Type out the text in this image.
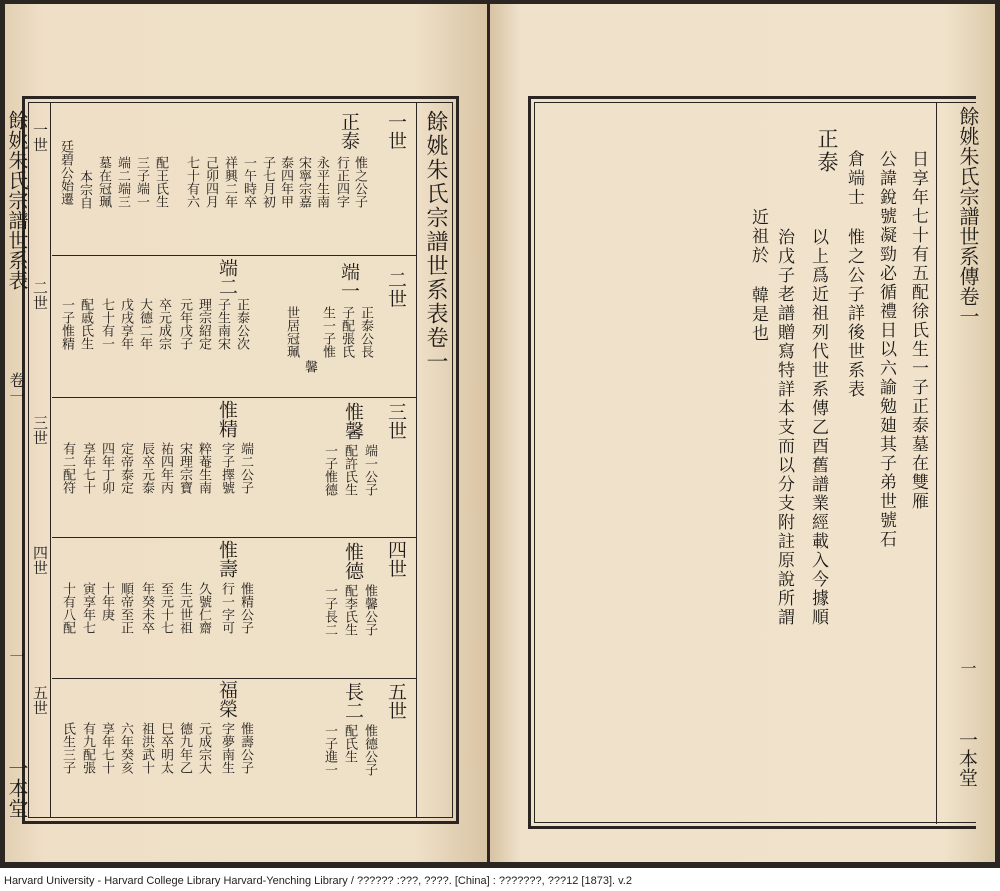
餘姚朱氏宗譜世系表卷一
餘姚朱氏宗譜世系表
卷一
一
一本堂
一世
二世
三世
四世
五世
一世
二世
三世
四世
五世
正泰
惟之公子
行正四字
永平生南
宋寧宗嘉
泰四年甲
子七月初
一午時卒
祥興二年
己卯四月
七十有六
配王氏生
三子端一
端二端三
墓在冠珮
本宗自
廷碧公始遷
端一
端二
正泰公長
子配張氏
生一子惟
世居冠珮
馨
正泰公次
子生南宋
理宗紹定
元年戊子
卒元成宗
大德二年
戊戌享年
七十有一
配戚氏生
一子惟精
惟馨
惟精
端一公子
配許氏生
一子惟德
端二公子
字子擇號
粹菴生南
宋理宗寶
祐四年丙
辰卒元泰
定帝泰定
四年丁卯
享年七十
有二配符
惟德
惟壽
惟馨公子
配李氏生
一子長二
惟精公子
行一字可
久號仁齋
生元世祖
至元十七
年癸未卒
順帝至正
十年庚
寅享年七
十有八配
長二
福榮
惟德公子
配氏生
一子進一
惟壽公子
字夢南生
元成宗大
德九年乙
巳卒明太
祖洪武十
六年癸亥
享年七十
有九配張
氏生三子
餘姚朱氏宗譜世系傳卷一
一
一本堂
日享年七十有五配徐氏生一子正泰墓在雙雁
公諱銳號凝勁必循禮日以六諭勉廸其子弟世號石
倉端士
正泰
惟之公子詳後世系表
以上爲近祖列代世系傳乙酉舊譜業經載入今據順
治戊子老譜贈寫特詳本支而以分支附註原說所謂
近祖於
韓是也
Harvard University - Harvard College Library Harvard-Yenching Library / ?????? :???, ????. [China] : ???????, ???12 [1873]. v.2
